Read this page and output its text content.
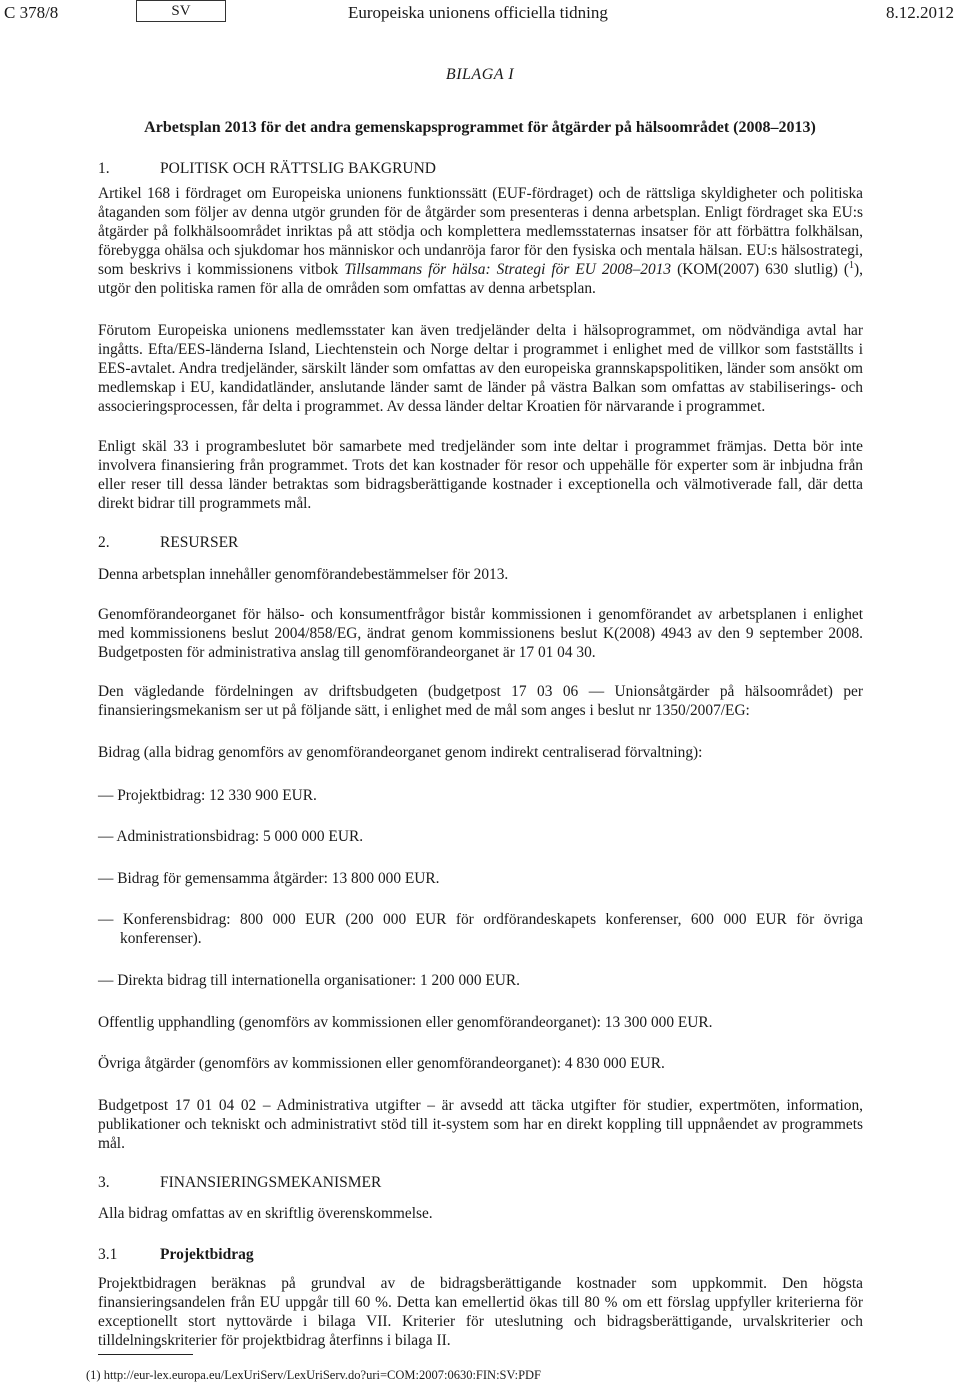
C 378/8	SV	Europeiska unionens officiella tidning	8.12.2012
BILAGA I
Arbetsplan 2013 för det andra gemenskapsprogrammet för åtgärder på hälsoområdet (2008–2013)
1.	POLITISK OCH RÄTTSLIG BAKGRUND
Artikel 168 i fördraget om Europeiska unionens funktionssätt (EUF-fördraget) och de rättsliga skyldigheter och politiska åtaganden som följer av denna utgör grunden för de åtgärder som presenteras i denna arbetsplan. Enligt fördraget ska EU:s åtgärder på folkhälsoområdet inriktas på att stödja och komplettera medlemsstaternas insatser för att förbättra folkhälsan, förebygga ohälsa och sjukdomar hos människor och undanröja faror för den fysiska och mentala hälsan. EU:s hälsostrategi, som beskrivs i kommissionens vitbok Tillsammans för hälsa: Strategi för EU 2008–2013 (KOM(2007) 630 slutlig) ($^1$), utgör den politiska ramen för alla de områden som omfattas av denna arbetsplan.
Förutom Europeiska unionens medlemsstater kan även tredjeländer delta i hälsoprogrammet, om nödvändiga avtal har ingåtts. Efta/EES-länderna Island, Liechtenstein och Norge deltar i programmet i enlighet med de villkor som fastställts i EES-avtalet. Andra tredjeländer, särskilt länder som omfattas av den europeiska grannskapspolitiken, länder som ansökt om medlemskap i EU, kandidatländer, anslutande länder samt de länder på västra Balkan som omfattas av stabiliserings- och associeringsprocessen, får delta i programmet. Av dessa länder deltar Kroatien för närvarande i programmet.
Enligt skäl 33 i programbeslutet bör samarbete med tredjeländer som inte deltar i programmet främjas. Detta bör inte involvera finansiering från programmet. Trots det kan kostnader för resor och uppehälle för experter som är inbjudna från eller reser till dessa länder betraktas som bidragsberättigande kostnader i exceptionella och välmotiverade fall, där detta direkt bidrar till programmets mål.
2.	RESURSER
Denna arbetsplan innehåller genomförandebestämmelser för 2013.
Genomförandeorganet för hälso- och konsumentfrågor bistår kommissionen i genomförandet av arbetsplanen i enlighet med kommissionens beslut 2004/858/EG, ändrat genom kommissionens beslut K(2008) 4943 av den 9 september 2008. Budgetposten för administrativa anslag till genomförandeorganet är 17 01 04 30.
Den vägledande fördelningen av driftsbudgeten (budgetpost 17 03 06 — Unionsåtgärder på hälsoområdet) per finansieringsmekanism ser ut på följande sätt, i enlighet med de mål som anges i beslut nr 1350/2007/EG:
Bidrag (alla bidrag genomförs av genomförandeorganet genom indirekt centraliserad förvaltning):
— Projektbidrag: 12 330 900 EUR.
— Administrationsbidrag: 5 000 000 EUR.
— Bidrag för gemensamma åtgärder: 13 800 000 EUR.
— Konferensbidrag: 800 000 EUR (200 000 EUR för ordförandeskapets konferenser, 600 000 EUR för övriga konferenser).
— Direkta bidrag till internationella organisationer: 1 200 000 EUR.
Offentlig upphandling (genomförs av kommissionen eller genomförandeorganet): 13 300 000 EUR.
Övriga åtgärder (genomförs av kommissionen eller genomförandeorganet): 4 830 000 EUR.
Budgetpost 17 01 04 02 – Administrativa utgifter – är avsedd att täcka utgifter för studier, expertmöten, information, publikationer och tekniskt och administrativt stöd till it-system som har en direkt koppling till uppnåendet av programmets mål.
3.	FINANSIERINGSMEKANISMER
Alla bidrag omfattas av en skriftlig överenskommelse.
3.1	Projektbidrag
Projektbidragen beräknas på grundval av de bidragsberättigande kostnader som uppkommit. Den högsta finansieringsandelen från EU uppgår till 60 %. Detta kan emellertid ökas till 80 % om ett förslag uppfyller kriterierna för exceptionellt stort nyttovärde i bilaga VII. Kriterier för uteslutning och bidragsberättigande, urvalskriterier och tilldelningskriterier för projektbidrag återfinns i bilaga II.
(1) http://eur-lex.europa.eu/LexUriServ/LexUriServ.do?uri=COM:2007:0630:FIN:SV:PDF
